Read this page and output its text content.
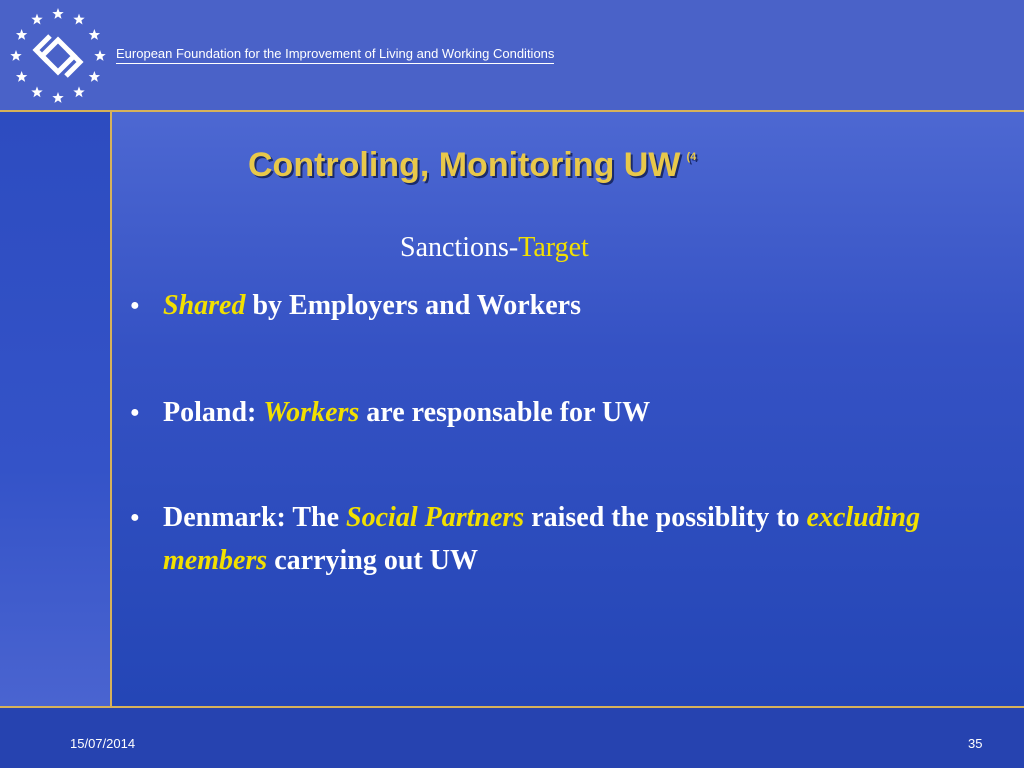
European Foundation for the Improvement of Living and Working Conditions
Controling, Monitoring UW $^{(4}$
Sanctions-Target
● Shared by Employers and Workers
● Poland: Workers are responsable for UW
● Denmark: The Social Partners raised the possiblity to excluding members carrying out UW
15/07/2014	35
